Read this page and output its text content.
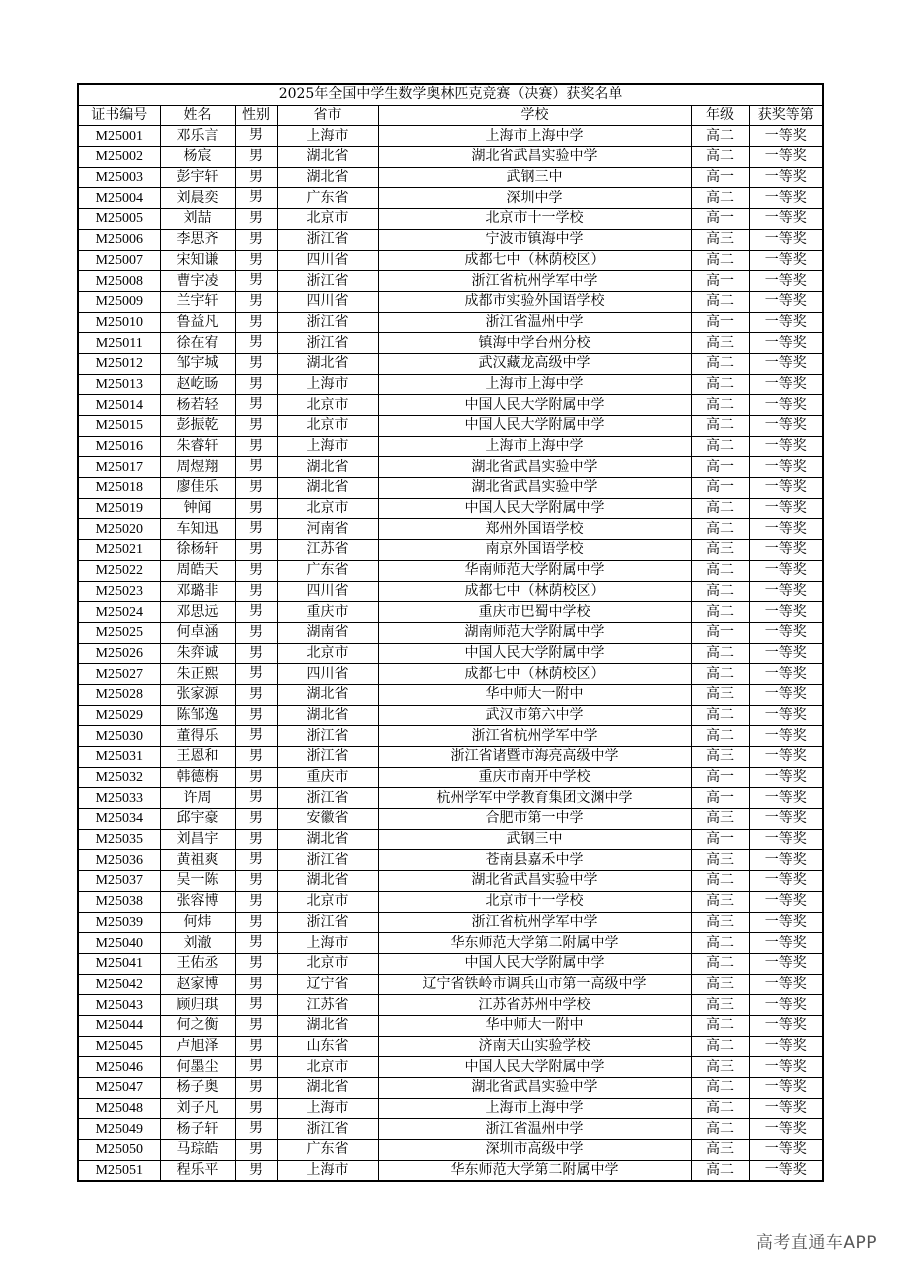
2025年全国中学生数学奥林匹克竞赛（决赛）获奖名单						
证书编号	姓名	性别	省市	学校	年级	获奖等第
M25001	邓乐言	男	上海市	上海市上海中学	高二	一等奖
M25002	杨宸	男	湖北省	湖北省武昌实验中学	高二	一等奖
M25003	彭宇轩	男	湖北省	武钢三中	高一	一等奖
M25004	刘晨奕	男	广东省	深圳中学	高二	一等奖
M25005	刘喆	男	北京市	北京市十一学校	高一	一等奖
M25006	李思齐	男	浙江省	宁波市镇海中学	高三	一等奖
M25007	宋知谦	男	四川省	成都七中（林荫校区）	高二	一等奖
M25008	曹宇凌	男	浙江省	浙江省杭州学军中学	高一	一等奖
M25009	兰宇轩	男	四川省	成都市实验外国语学校	高二	一等奖
M25010	鲁益凡	男	浙江省	浙江省温州中学	高一	一等奖
M25011	徐在宥	男	浙江省	镇海中学台州分校	高三	一等奖
M25012	邹宇城	男	湖北省	武汉藏龙高级中学	高二	一等奖
M25013	赵屹旸	男	上海市	上海市上海中学	高二	一等奖
M25014	杨若轻	男	北京市	中国人民大学附属中学	高二	一等奖
M25015	彭振乾	男	北京市	中国人民大学附属中学	高二	一等奖
M25016	朱睿轩	男	上海市	上海市上海中学	高二	一等奖
M25017	周煜翔	男	湖北省	湖北省武昌实验中学	高一	一等奖
M25018	廖佳乐	男	湖北省	湖北省武昌实验中学	高一	一等奖
M25019	钟闻	男	北京市	中国人民大学附属中学	高二	一等奖
M25020	车知迅	男	河南省	郑州外国语学校	高二	一等奖
M25021	徐杨轩	男	江苏省	南京外国语学校	高三	一等奖
M25022	周皓天	男	广东省	华南师范大学附属中学	高二	一等奖
M25023	邓璐非	男	四川省	成都七中（林荫校区）	高二	一等奖
M25024	邓思远	男	重庆市	重庆市巴蜀中学校	高二	一等奖
M25025	何卓涵	男	湖南省	湖南师范大学附属中学	高一	一等奖
M25026	朱弈诚	男	北京市	中国人民大学附属中学	高二	一等奖
M25027	朱正熙	男	四川省	成都七中（林荫校区）	高二	一等奖
M25028	张家源	男	湖北省	华中师大一附中	高三	一等奖
M25029	陈邹逸	男	湖北省	武汉市第六中学	高二	一等奖
M25030	董得乐	男	浙江省	浙江省杭州学军中学	高二	一等奖
M25031	王恩和	男	浙江省	浙江省诸暨市海亮高级中学	高三	一等奖
M25032	韩德栴	男	重庆市	重庆市南开中学校	高一	一等奖
M25033	许周	男	浙江省	杭州学军中学教育集团文渊中学	高一	一等奖
M25034	邱宇豪	男	安徽省	合肥市第一中学	高三	一等奖
M25035	刘昌宇	男	湖北省	武钢三中	高一	一等奖
M25036	黄祖爽	男	浙江省	苍南县嘉禾中学	高三	一等奖
M25037	吴一陈	男	湖北省	湖北省武昌实验中学	高二	一等奖
M25038	张容博	男	北京市	北京市十一学校	高三	一等奖
M25039	何炜	男	浙江省	浙江省杭州学军中学	高三	一等奖
M25040	刘澈	男	上海市	华东师范大学第二附属中学	高二	一等奖
M25041	王佑丞	男	北京市	中国人民大学附属中学	高二	一等奖
M25042	赵家博	男	辽宁省	辽宁省铁岭市调兵山市第一高级中学	高三	一等奖
M25043	顾归琪	男	江苏省	江苏省苏州中学校	高三	一等奖
M25044	何之衡	男	湖北省	华中师大一附中	高二	一等奖
M25045	卢旭泽	男	山东省	济南天山实验学校	高二	一等奖
M25046	何墨尘	男	北京市	中国人民大学附属中学	高三	一等奖
M25047	杨子奥	男	湖北省	湖北省武昌实验中学	高二	一等奖
M25048	刘子凡	男	上海市	上海市上海中学	高二	一等奖
M25049	杨子轩	男	浙江省	浙江省温州中学	高二	一等奖
M25050	马琮皓	男	广东省	深圳市高级中学	高三	一等奖
M25051	程乐平	男	上海市	华东师范大学第二附属中学	高二	一等奖
高考直通车APP
